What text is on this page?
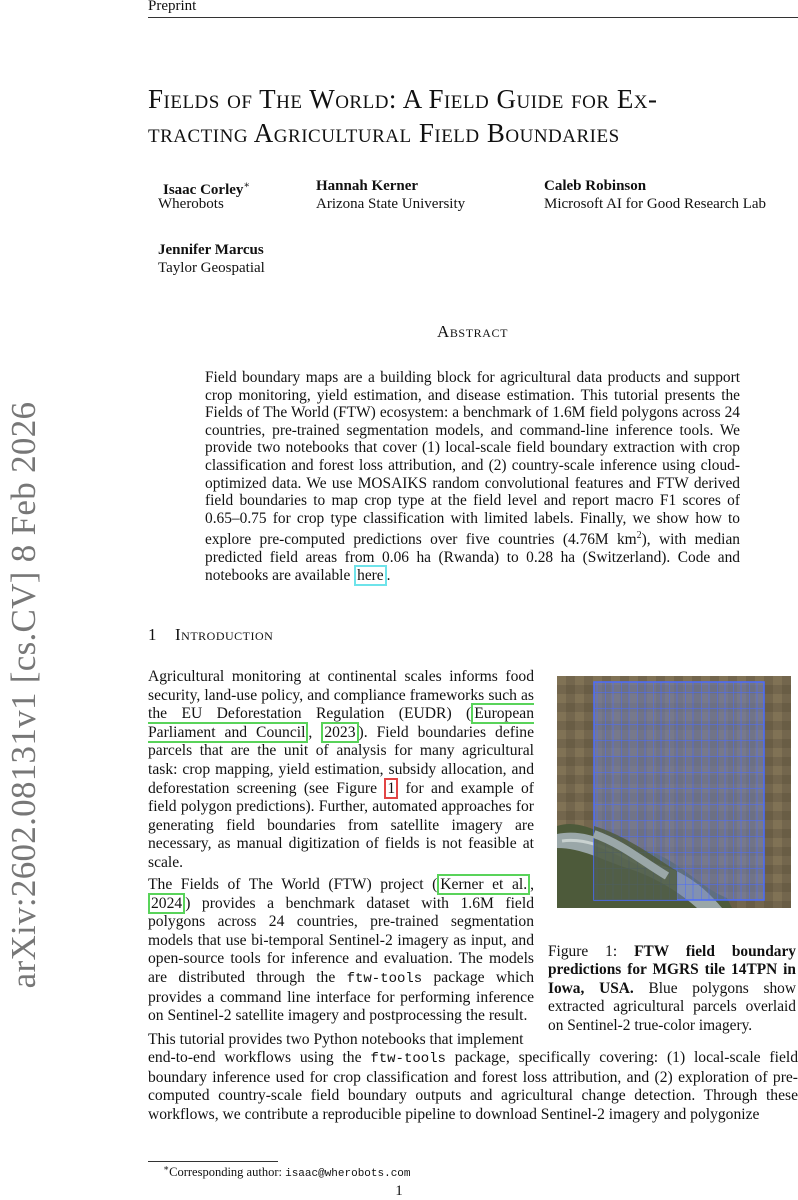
Preprint
Fields of The World: A Field Guide for Ex-
tracting Agricultural Field Boundaries
Isaac Corley∗
Wherobots
Hannah Kerner
Arizona State University
Caleb Robinson
Microsoft AI for Good Research Lab
Jennifer Marcus
Taylor Geospatial
arXiv:2602.08131v1 [cs.CV] 8 Feb 2026
Abstract
Field boundary maps are a building block for agricultural data products and support crop monitoring, yield estimation, and disease estimation. This tutorial presents the Fields of The World (FTW) ecosystem: a benchmark of 1.6M field polygons across 24 countries, pre-trained segmentation models, and command-line inference tools. We provide two notebooks that cover (1) local-scale field boundary extraction with crop classification and forest loss attribution, and (2) country-scale inference using cloud-optimized data. We use MOSAIKS random convolutional features and FTW derived field boundaries to map crop type at the field level and report macro F1 scores of 0.65–0.75 for crop type classification with limited labels. Finally, we show how to explore pre-computed predictions over five countries (4.76M $km^2$), with median predicted field areas from 0.06 ha (Rwanda) to 0.28 ha (Switzerland). Code and notebooks are available here .
1 Introduction
Agricultural monitoring at continental scales informs food security, land-use policy, and compliance frameworks such as the EU Deforestation Regulation (EUDR) ( European Parliament and Council , 2023 ). Field boundaries define parcels that are the unit of analysis for many agricultural task: crop mapping, yield estimation, subsidy allocation, and deforestation screening (see Figure 1 for and example of field polygon predictions). Further, automated approaches for generating field boundaries from satellite imagery are necessary, as manual digitization of fields is not feasible at scale.
The Fields of The World (FTW) project ( Kerner et al. , 2024 ) provides a benchmark dataset with 1.6M field polygons across 24 countries, pre-trained segmentation models that use bi-temporal Sentinel-2 imagery as input, and open-source tools for inference and evaluation. The models are distributed through the ftw-tools package which provides a command line interface for performing inference on Sentinel-2 satellite imagery and postprocessing the result.
This tutorial provides two Python notebooks that implement
end-to-end workflows using the ftw-tools package, specifically covering: (1) local-scale field boundary inference used for crop classification and forest loss attribution, and (2) exploration of pre-computed country-scale field boundary outputs and agricultural change detection. Through these workflows, we contribute a reproducible pipeline to download Sentinel-2 imagery and polygonize
Figure 1: FTW field boundary predictions for MGRS tile 14TPN in Iowa, USA. Blue polygons show extracted agricultural parcels overlaid on Sentinel-2 true-color imagery.
∗Corresponding author: isaac@wherobots.com
1
